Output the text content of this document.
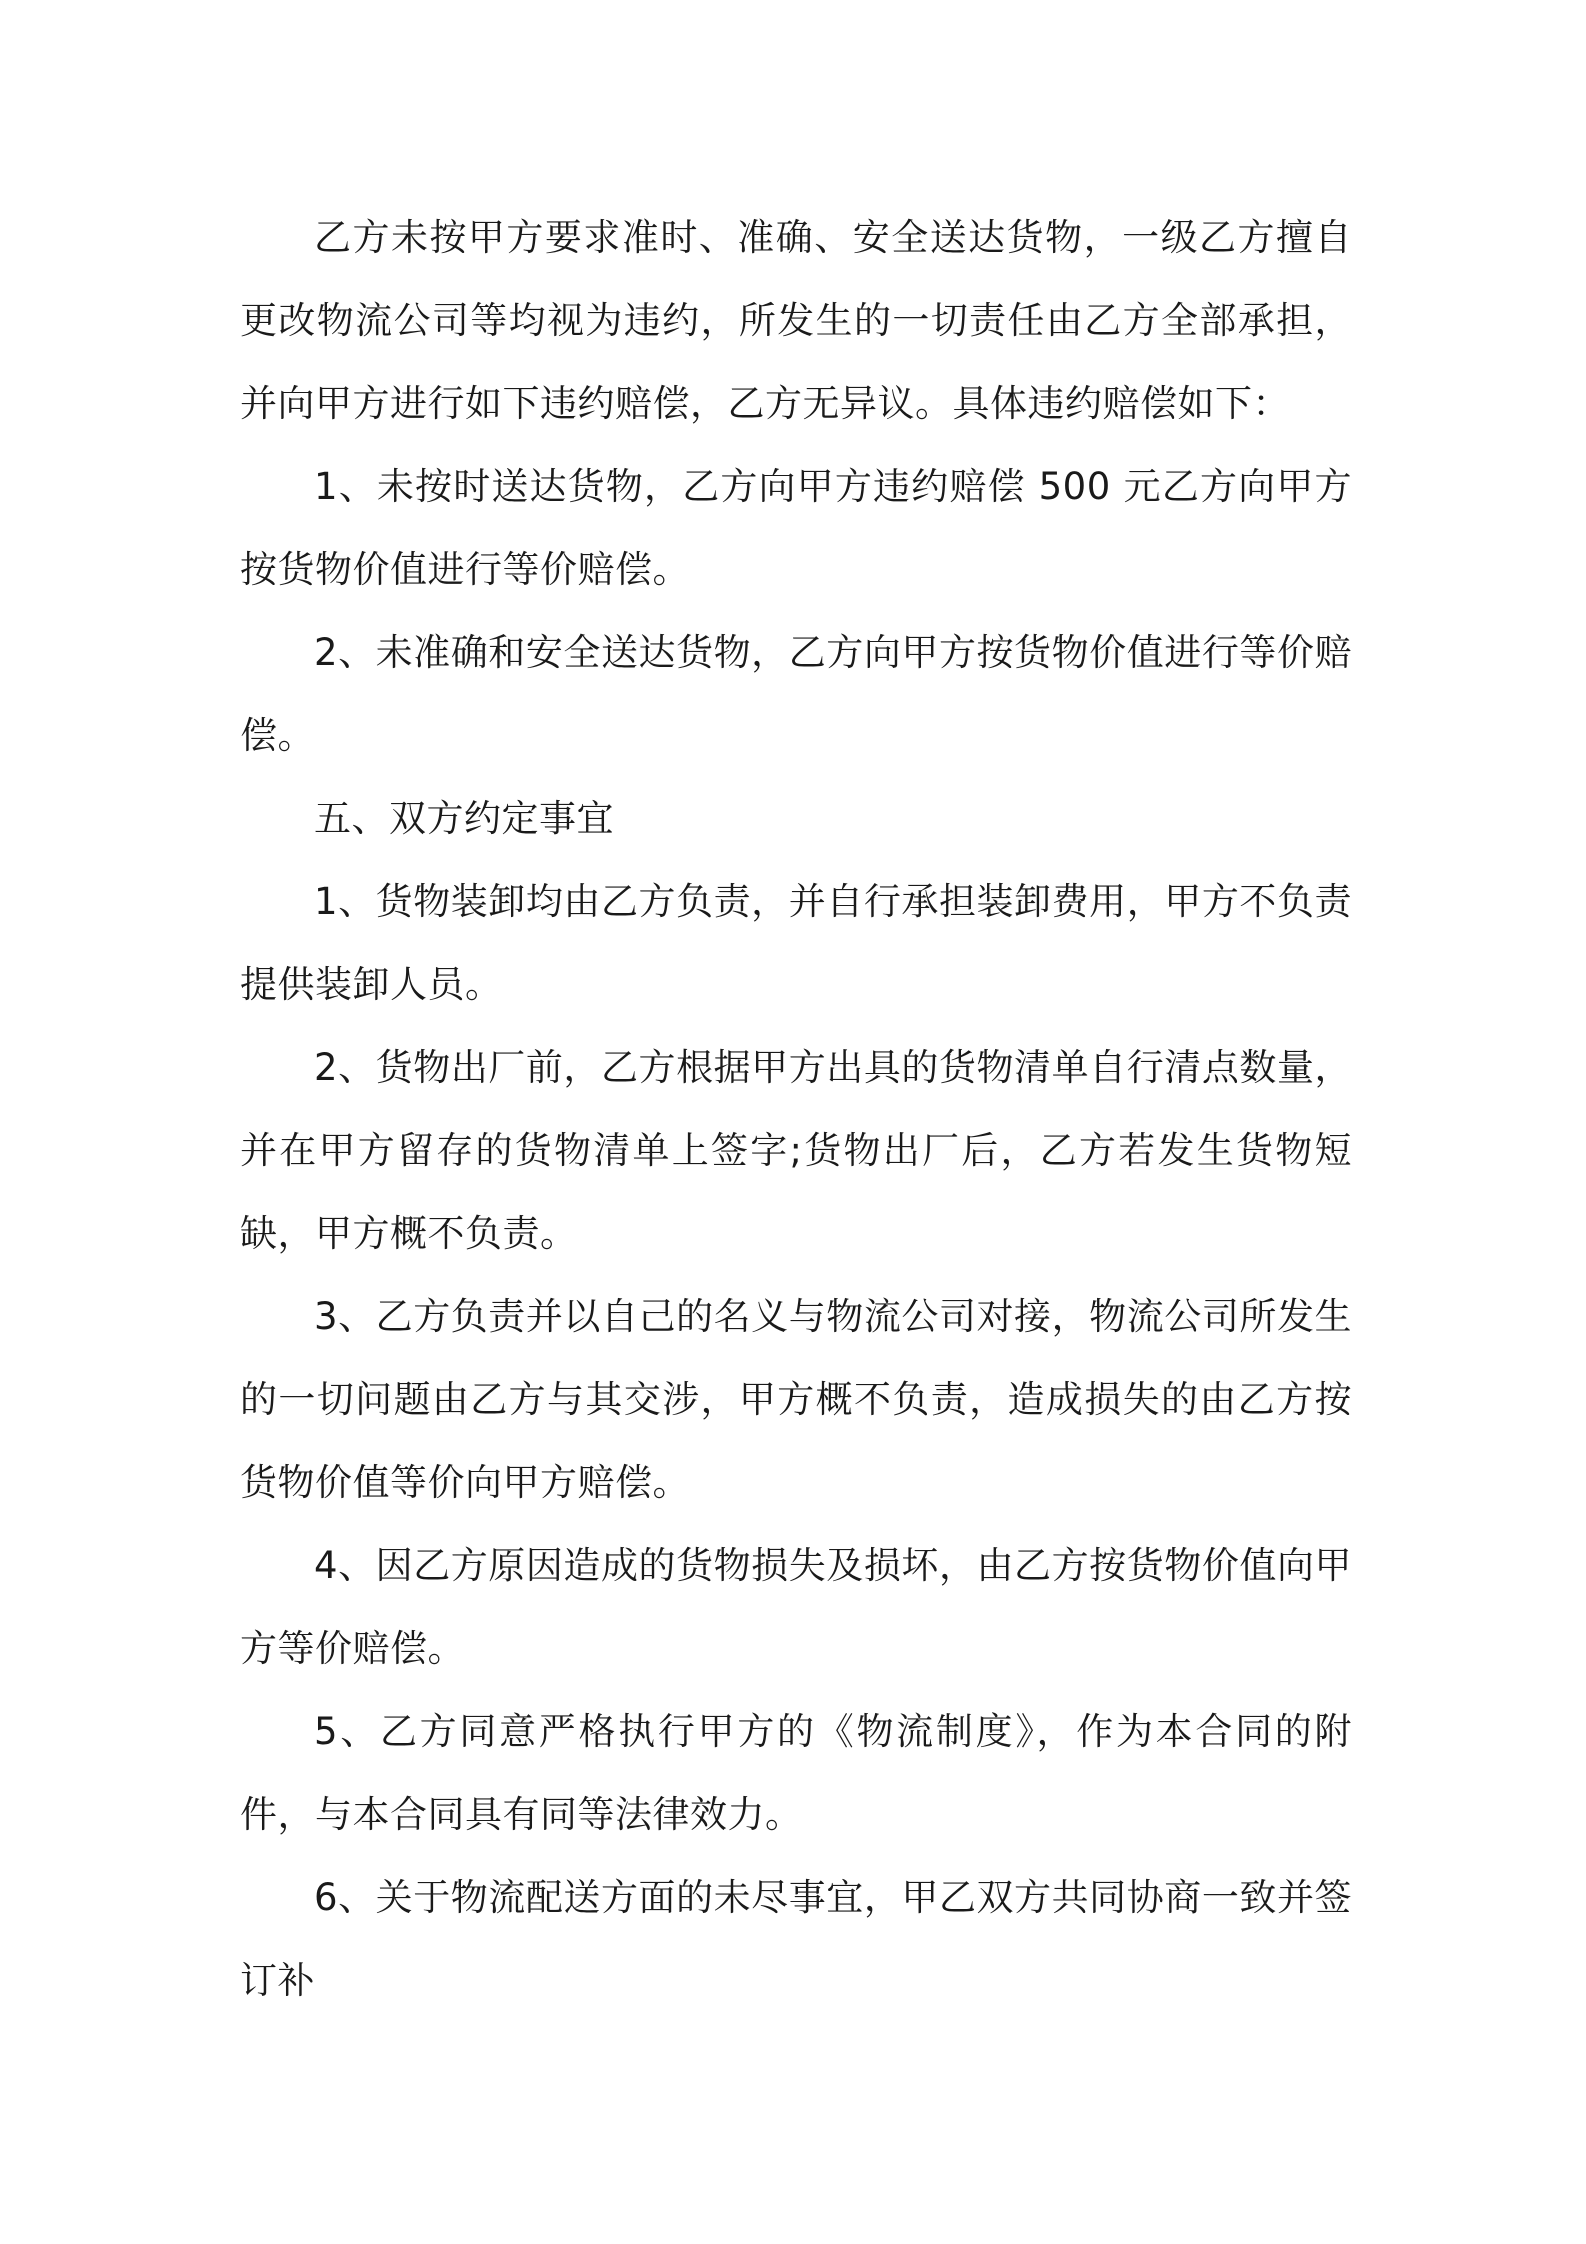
乙方未按甲方要求准时、准确、安全送达货物，一级乙方擅自更改物流公司等均视为违约，所发生的一切责任由乙方全部承担，并向甲方进行如下违约赔偿，乙方无异议。具体违约赔偿如下：

1、未按时送达货物，乙方向甲方违约赔偿 500 元乙方向甲方按货物价值进行等价赔偿。

2、未准确和安全送达货物，乙方向甲方按货物价值进行等价赔偿。

五、双方约定事宜

1、货物装卸均由乙方负责，并自行承担装卸费用，甲方不负责提供装卸人员。

2、货物出厂前，乙方根据甲方出具的货物清单自行清点数量，并在甲方留存的货物清单上签字;货物出厂后，乙方若发生货物短缺，甲方概不负责。

3、乙方负责并以自己的名义与物流公司对接，物流公司所发生的一切问题由乙方与其交涉，甲方概不负责，造成损失的由乙方按货物价值等价向甲方赔偿。

4、因乙方原因造成的货物损失及损坏，由乙方按货物价值向甲方等价赔偿。

5、乙方同意严格执行甲方的《物流制度》，作为本合同的附件，与本合同具有同等法律效力。

6、关于物流配送方面的未尽事宜，甲乙双方共同协商一致并签订补
